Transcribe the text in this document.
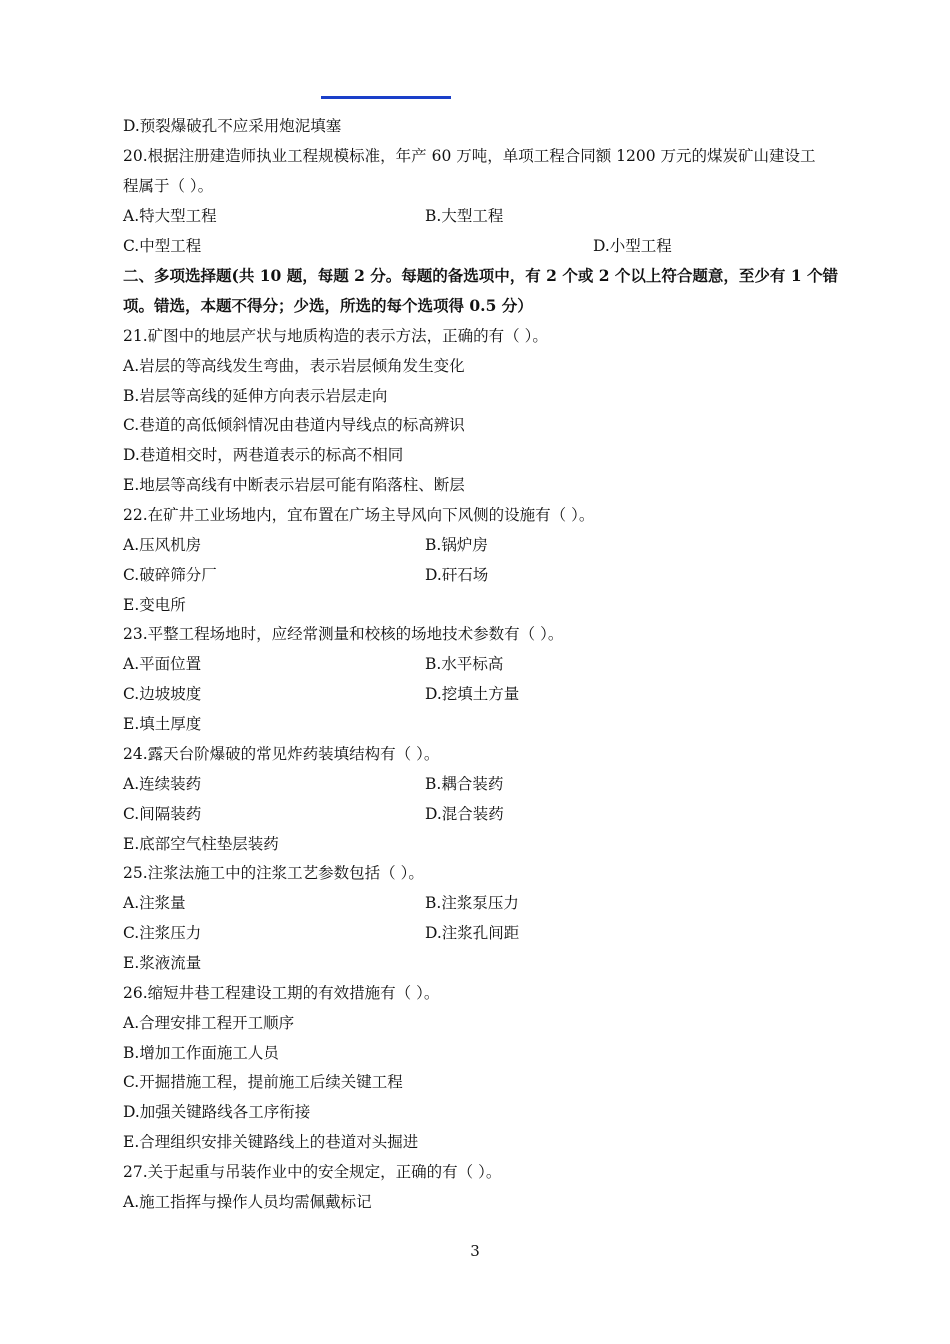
D.预裂爆破孔不应采用炮泥填塞
20.根据注册建造师执业工程规模标准，年产 60 万吨，单项工程合同额 1200 万元的煤炭矿山建设工
程属于（ ）。
A.特大型工程	B.大型工程
C.中型工程	D.小型工程
二、多项选择题(共 10 题，每题 2 分。每题的备选项中，有 2 个或 2 个以上符合题意，至少有 1 个错
项。错选，本题不得分；少选，所选的每个选项得 0.5 分）
21.矿图中的地层产状与地质构造的表示方法，正确的有（ ）。
A.岩层的等高线发生弯曲，表示岩层倾角发生变化
B.岩层等高线的延伸方向表示岩层走向
C.巷道的高低倾斜情况由巷道内导线点的标高辨识
D.巷道相交时，两巷道表示的标高不相同
E.地层等高线有中断表示岩层可能有陷落柱、断层
22.在矿井工业场地内，宜布置在广场主导风向下风侧的设施有（ ）。
A.压风机房	B.锅炉房
C.破碎筛分厂	D.矸石场
E.变电所
23.平整工程场地时，应经常测量和校核的场地技术参数有（ ）。
A.平面位置	B.水平标高
C.边坡坡度	D.挖填土方量
E.填土厚度
24.露天台阶爆破的常见炸药装填结构有（ ）。
A.连续装药	B.耦合装药
C.间隔装药	D.混合装药
E.底部空气柱垫层装药
25.注浆法施工中的注浆工艺参数包括（ ）。
A.注浆量	B.注浆泵压力
C.注浆压力	D.注浆孔间距
E.浆液流量
26.缩短井巷工程建设工期的有效措施有（ ）。
A.合理安排工程开工顺序
B.增加工作面施工人员
C.开掘措施工程，提前施工后续关键工程
D.加强关键路线各工序衔接
E.合理组织安排关键路线上的巷道对头掘进
27.关于起重与吊装作业中的安全规定，正确的有（ ）。
A.施工指挥与操作人员均需佩戴标记
3
